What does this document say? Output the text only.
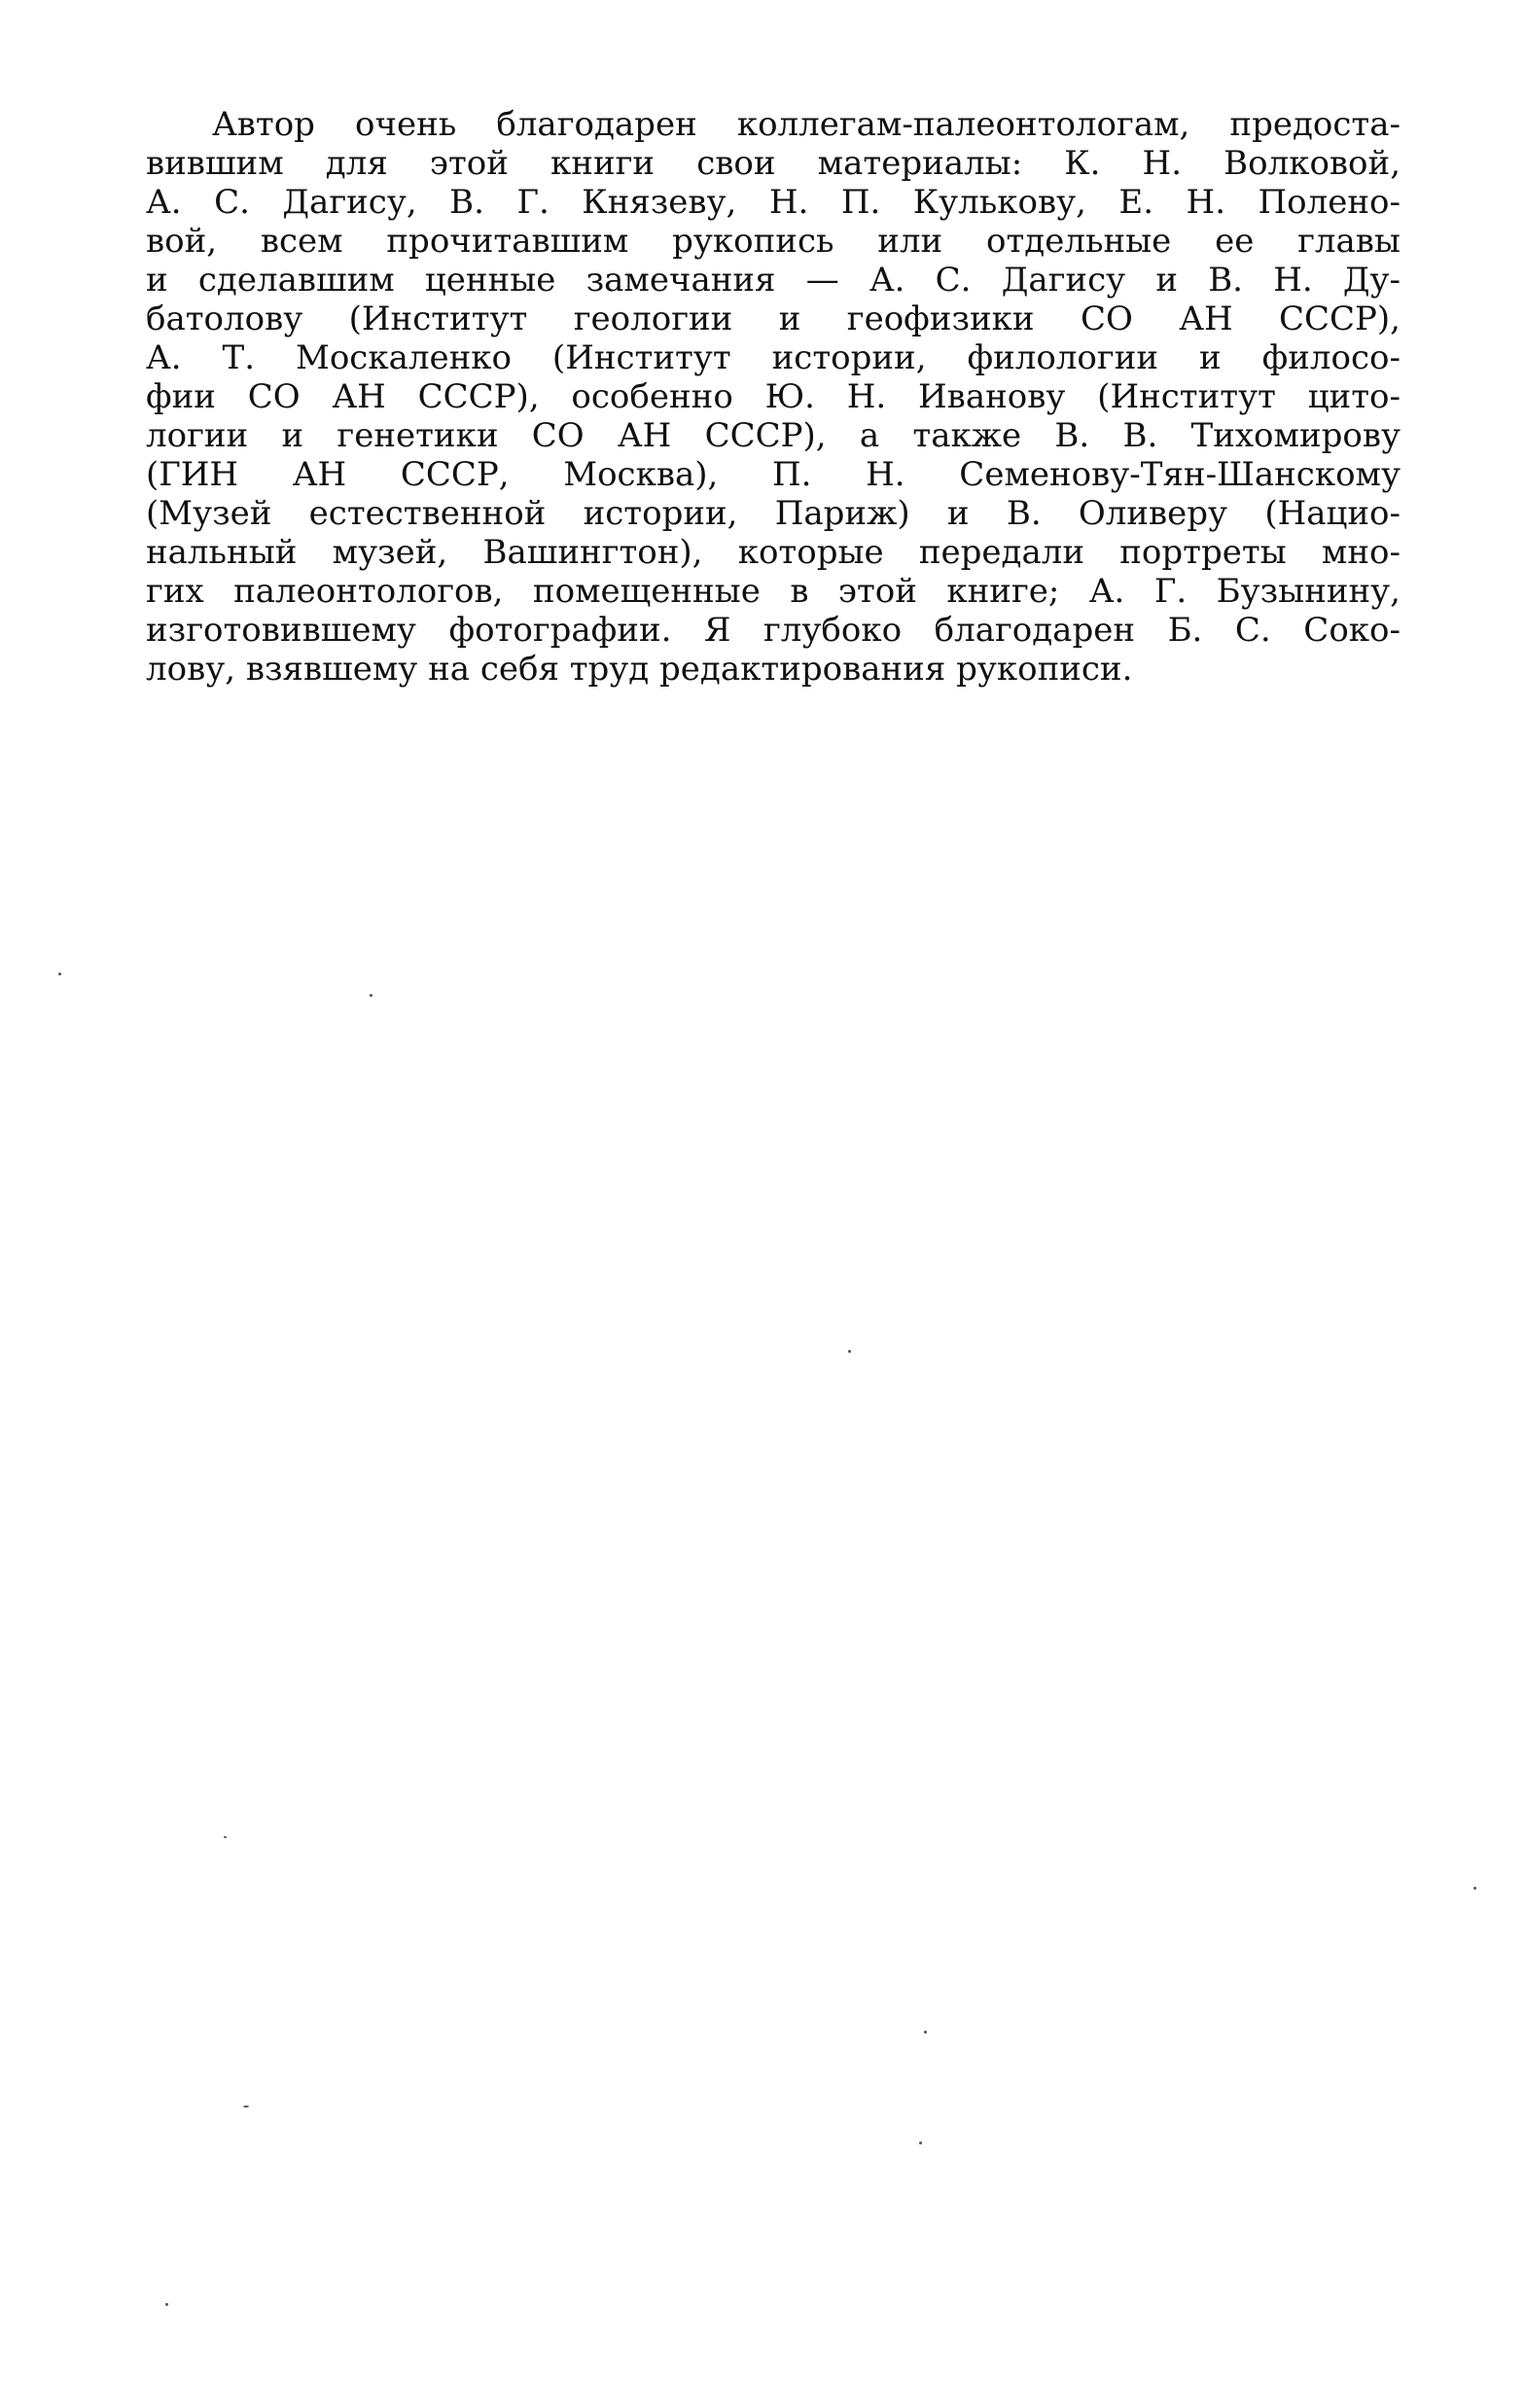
Автор очень благодарен коллегам-палеонтологам, предоста-
вившим для этой книги свои материалы: К. Н. Волковой,
А. С. Дагису, В. Г. Князеву, Н. П. Кулькову, Е. Н. Поленo-
вой, всем прочитавшим рукопись или отдельные ее главы
и сделавшим ценные замечания — А. С. Дагису и В. Н. Ду-
батолову (Институт геологии и геофизики СО АН СССР),
А. Т. Москаленко (Институт истории, филологии и филосо-
фии СО АН СССР), особенно Ю. Н. Иванову (Институт цито-
логии и генетики СО АН СССР), а также В. В. Тихомирову
(ГИН АН СССР, Москва), П. Н. Семенову-Тян-Шанскому
(Музей естественной истории, Париж) и В. Оливеру (Нацио-
нальный музей, Вашингтон), которые передали портреты мно-
гих палеонтологов, помещенные в этой книге; А. Г. Бузынину,
изготовившему фотографии. Я глубоко благодарен Б. С. Соко-
лову, взявшему на себя труд редактирования рукописи.
